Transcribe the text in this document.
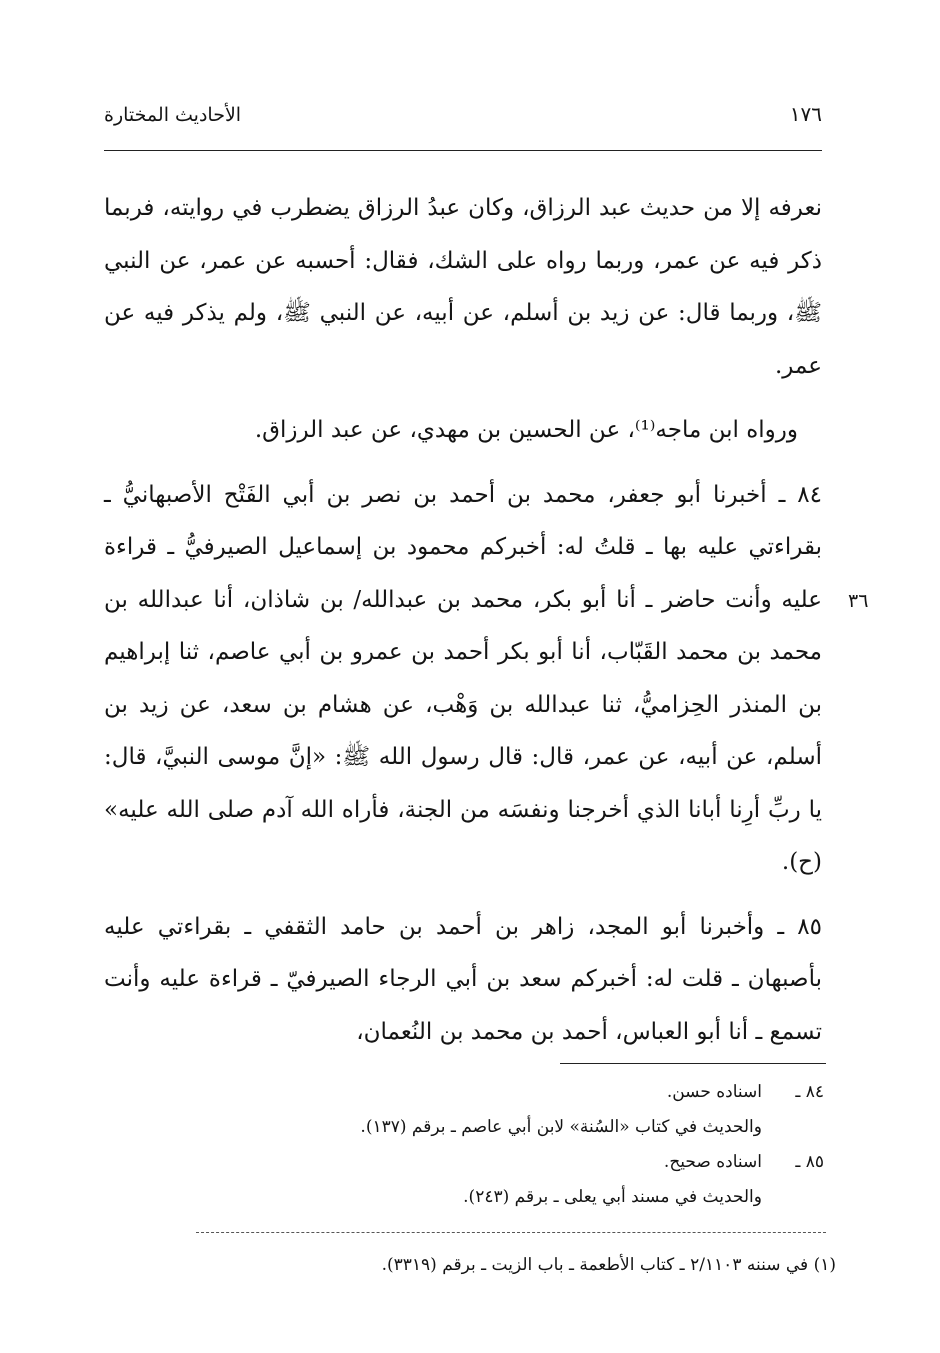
١٧٦
الأحاديث المختارة

نعرفه إلا من حديث عبد الرزاق، وكان عبدُ الرزاق يضطرب في روايته، فربما ذكر فيه عن عمر، وربما رواه على الشك، فقال: أحسبه عن عمر، عن النبي ﷺ، وربما قال: عن زيد بن أسلم، عن أبيه، عن النبي ﷺ، ولم يذكر فيه عن عمر.

ورواه ابن ماجه⁽¹⁾، عن الحسين بن مهدي، عن عبد الرزاق.

٨٤ ـ أخبرنا أبو جعفر، محمد بن أحمد بن نصر بن أبي الفَتْح الأصبهانيُّ ـ بقراءتي عليه بها ـ قلتُ له: أخبركم محمود بن إسماعيل الصيرفيُّ ـ قراءة عليه وأنت حاضر ـ أنا أبو بكر، محمد بن عبدالله/ بن شاذان، أنا عبدالله بن محمد بن محمد القَبّاب، أنا أبو بكر أحمد بن عمرو بن أبي عاصم، ثنا إبراهيم بن المنذر الحِزاميُّ، ثنا عبدالله بن وَهْب، عن هشام بن سعد، عن زيد بن أسلم، عن أبيه، عن عمر، قال: قال رسول الله ﷺ: «إنَّ موسى النبيَّ، قال: يا ربِّ أرِنا أبانا الذي أخرجنا ونفسَه من الجنة، فأراه الله آدم صلى الله عليه» (ح).

٨٥ ـ وأخبرنا أبو المجد، زاهر بن أحمد بن حامد الثقفي ـ بقراءتي عليه بأصبهان ـ قلت له: أخبركم سعد بن أبي الرجاء الصيرفيّ ـ قراءة عليه وأنت تسمع ـ أنا أبو العباس، أحمد بن محمد بن النُعمان،

٣٦
٨٤ ـ
اسناده حسن.
والحديث في كتاب «السُنة» لابن أبي عاصم ـ برقم (١٣٧).
٨٥ ـ
اسناده صحيح.
والحديث في مسند أبي يعلى ـ برقم (٢٤٣).
(١) في سننه ٢/١١٠٣ ـ كتاب الأطعمة ـ باب الزيت ـ برقم (٣٣١٩).
